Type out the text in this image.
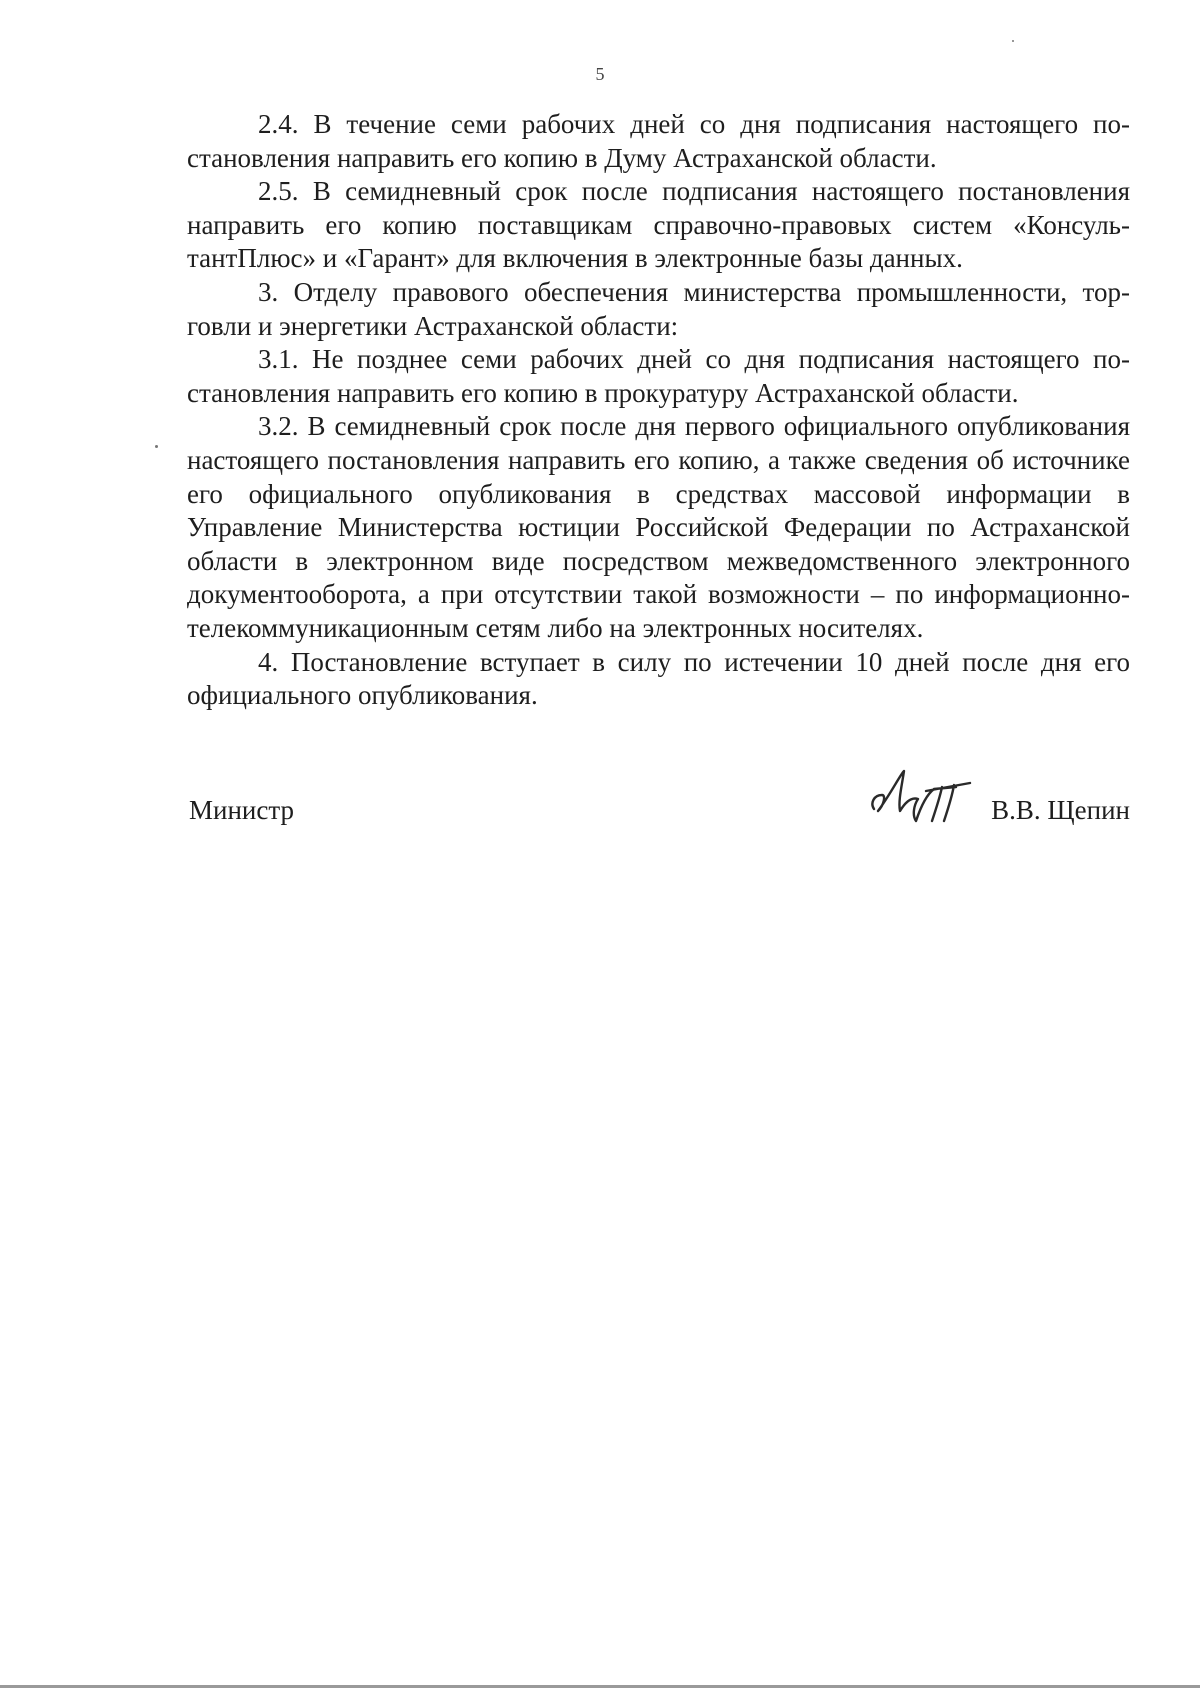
5

2.4. В течение семи рабочих дней со дня подписания настоящего постановления направить его копию в Думу Астраханской области.

2.5. В семидневный срок после подписания настоящего постановления направить его копию поставщикам справочно-правовых систем «КонсультантПлюс» и «Гарант» для включения в электронные базы данных.

3. Отделу правового обеспечения министерства промышленности, торговли и энергетики Астраханской области:

3.1. Не позднее семи рабочих дней со дня подписания настоящего постановления направить его копию в прокуратуру Астраханской области.

3.2. В семидневный срок после дня первого официального опубликования настоящего постановления направить его копию, а также сведения об источнике его официального опубликования в средствах массовой информации в Управление Министерства юстиции Российской Федерации по Астраханской области в электронном виде посредством межведомственного электронного документооборота, а при отсутствии такой возможности – по информационно-телекоммуникационным сетям либо на электронных носителях.

4. Постановление вступает в силу по истечении 10 дней после дня его официального опубликования.

Министр	В.В. Щепин
